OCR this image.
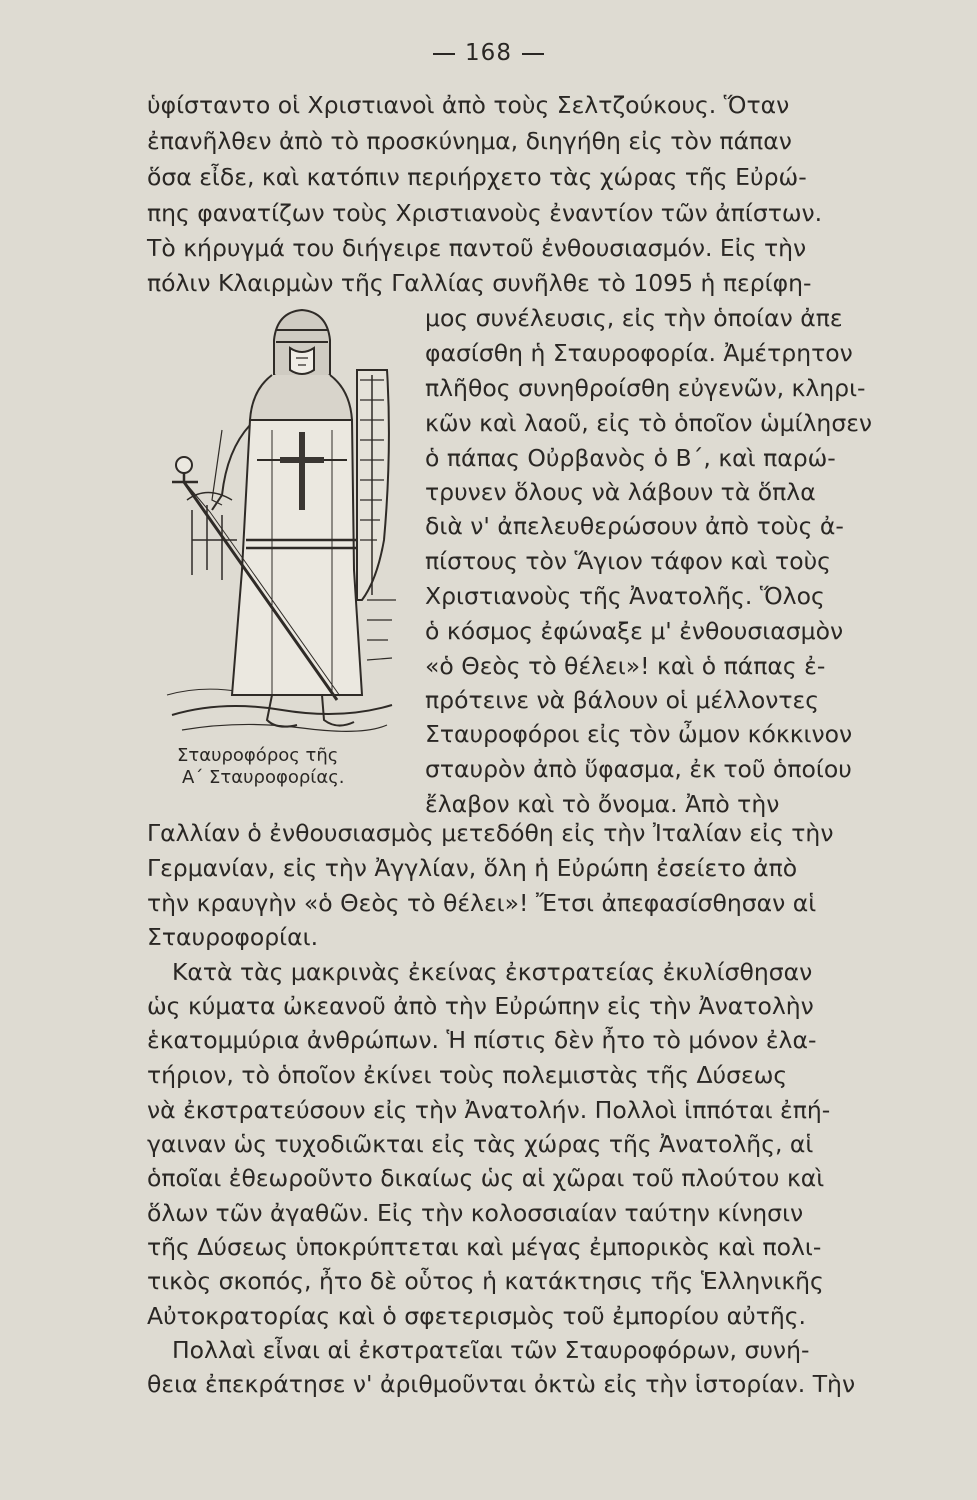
168
ὑφίσταντο οἱ Χριστιανοὶ ἀπὸ τοὺς Σελτζούκους. Ὅταν
ἐπανῆλθεν ἀπὸ τὸ προσκύνημα, διηγήθη εἰς τὸν πάπαν
ὅσα εἶδε, καὶ κατόπιν περιήρχετο τὰς χώρας τῆς Εὐρώ-
πης φανατίζων τοὺς Χριστιανοὺς ἐναντίον τῶν ἀπίστων.
Τὸ κήρυγμά του διήγειρε παντοῦ ἐνθουσιασμόν. Εἰς τὴν
πόλιν Κλαιρμὼν τῆς Γαλλίας συνῆλθε τὸ 1095 ἡ περίφη-
μος συνέλευσις, εἰς τὴν ὁποίαν ἀπε
φασίσθη ἡ Σταυροφορία. Ἀμέτρητον
πλῆθος συνηθροίσθη εὐγενῶν, κληρι-
κῶν καὶ λαοῦ, εἰς τὸ ὁποῖον ὡμίλησεν
ὁ πάπας Οὐρβανὸς ὁ Β΄, καὶ παρώ-
τρυνεν ὅλους νὰ λάβουν τὰ ὅπλα
διὰ ν' ἀπελευθερώσουν ἀπὸ τοὺς ἀ-
πίστους τὸν Ἅγιον τάφον καὶ τοὺς
Χριστιανοὺς τῆς Ἀνατολῆς. Ὅλος
ὁ κόσμος ἐφώναξε μ' ἐνθουσιασμὸν
«ὁ Θεὸς τὸ θέλει»! καὶ ὁ πάπας ἐ-
πρότεινε νὰ βάλουν οἱ μέλλοντες
Σταυροφόροι εἰς τὸν ὦμον κόκκινον
σταυρὸν ἀπὸ ὕφασμα, ἐκ τοῦ ὁποίου
ἔλαβον καὶ τὸ ὄνομα. Ἀπὸ τὴν
Σταυροφόρος τῆς
Α΄ Σταυροφορίας.
Γαλλίαν ὁ ἐνθουσιασμὸς μετεδόθη εἰς τὴν Ἰταλίαν εἰς τὴν
Γερμανίαν, εἰς τὴν Ἀγγλίαν, ὅλη ἡ Εὐρώπη ἐσείετο ἀπὸ
τὴν κραυγὴν «ὁ Θεὸς τὸ θέλει»! Ἔτσι ἀπεφασίσθησαν αἱ
Σταυροφορίαι.
Κατὰ τὰς μακρινὰς ἐκείνας ἐκστρατείας ἐκυλίσθησαν
ὡς κύματα ὠκεανοῦ ἀπὸ τὴν Εὐρώπην εἰς τὴν Ἀνατολὴν
ἑκατομμύρια ἀνθρώπων. Ἡ πίστις δὲν ἦτο τὸ μόνον ἐλα-
τήριον, τὸ ὁποῖον ἐκίνει τοὺς πολεμιστὰς τῆς Δύσεως
νὰ ἐκστρατεύσουν εἰς τὴν Ἀνατολήν. Πολλοὶ ἱππόται ἐπή-
γαιναν ὡς τυχοδιῶκται εἰς τὰς χώρας τῆς Ἀνατολῆς, αἱ
ὁποῖαι ἐθεωροῦντο δικαίως ὡς αἱ χῶραι τοῦ πλούτου καὶ
ὅλων τῶν ἀγαθῶν. Εἰς τὴν κολοσσιαίαν ταύτην κίνησιν
τῆς Δύσεως ὑποκρύπτεται καὶ μέγας ἐμπορικὸς καὶ πολι-
τικὸς σκοπός, ἦτο δὲ οὗτος ἡ κατάκτησις τῆς Ἑλληνικῆς
Αὐτοκρατορίας καὶ ὁ σφετερισμὸς τοῦ ἐμπορίου αὐτῆς.
Πολλαὶ εἶναι αἱ ἐκστρατεῖαι τῶν Σταυροφόρων, συνή-
θεια ἐπεκράτησε ν' ἀριθμοῦνται ὀκτὼ εἰς τὴν ἱστορίαν. Τὴν
